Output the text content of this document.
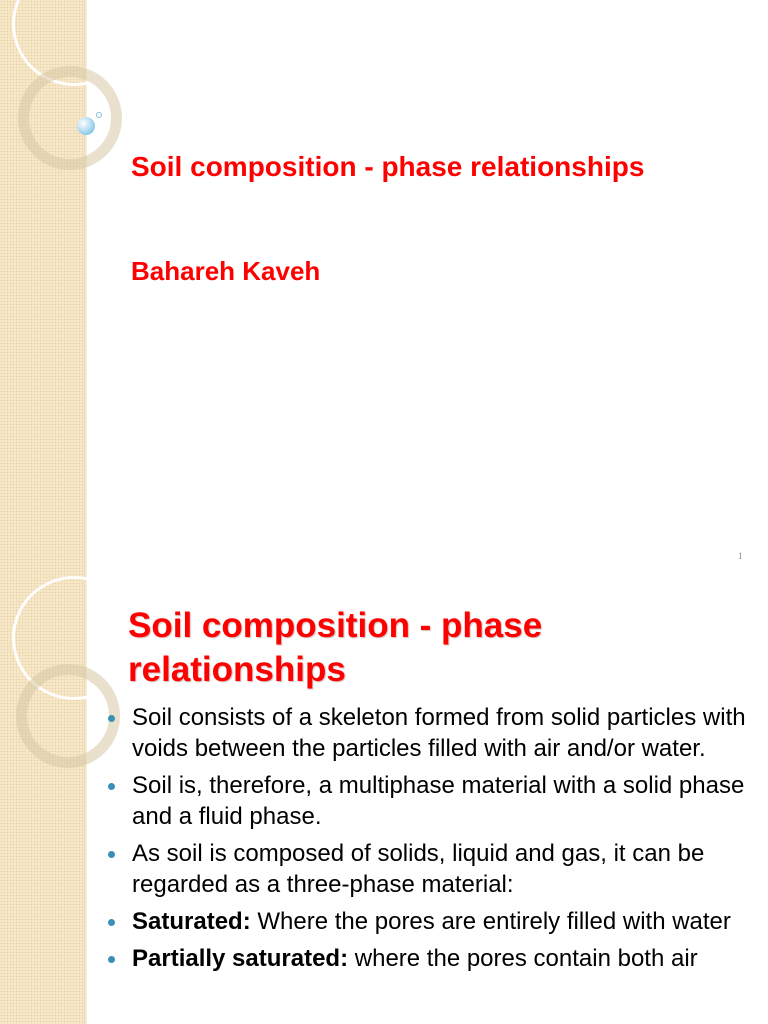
Soil composition - phase relationships
Bahareh Kaveh
1
Soil composition - phase relationships
Soil consists of a skeleton formed from solid particles with voids between the particles filled with air and/or water.
Soil is, therefore, a multiphase material with a solid phase and a fluid phase.
As soil is composed of solids, liquid and gas, it can be regarded as a three-phase material:
Saturated: Where the pores are entirely filled with water
Partially saturated: where the pores contain both air
